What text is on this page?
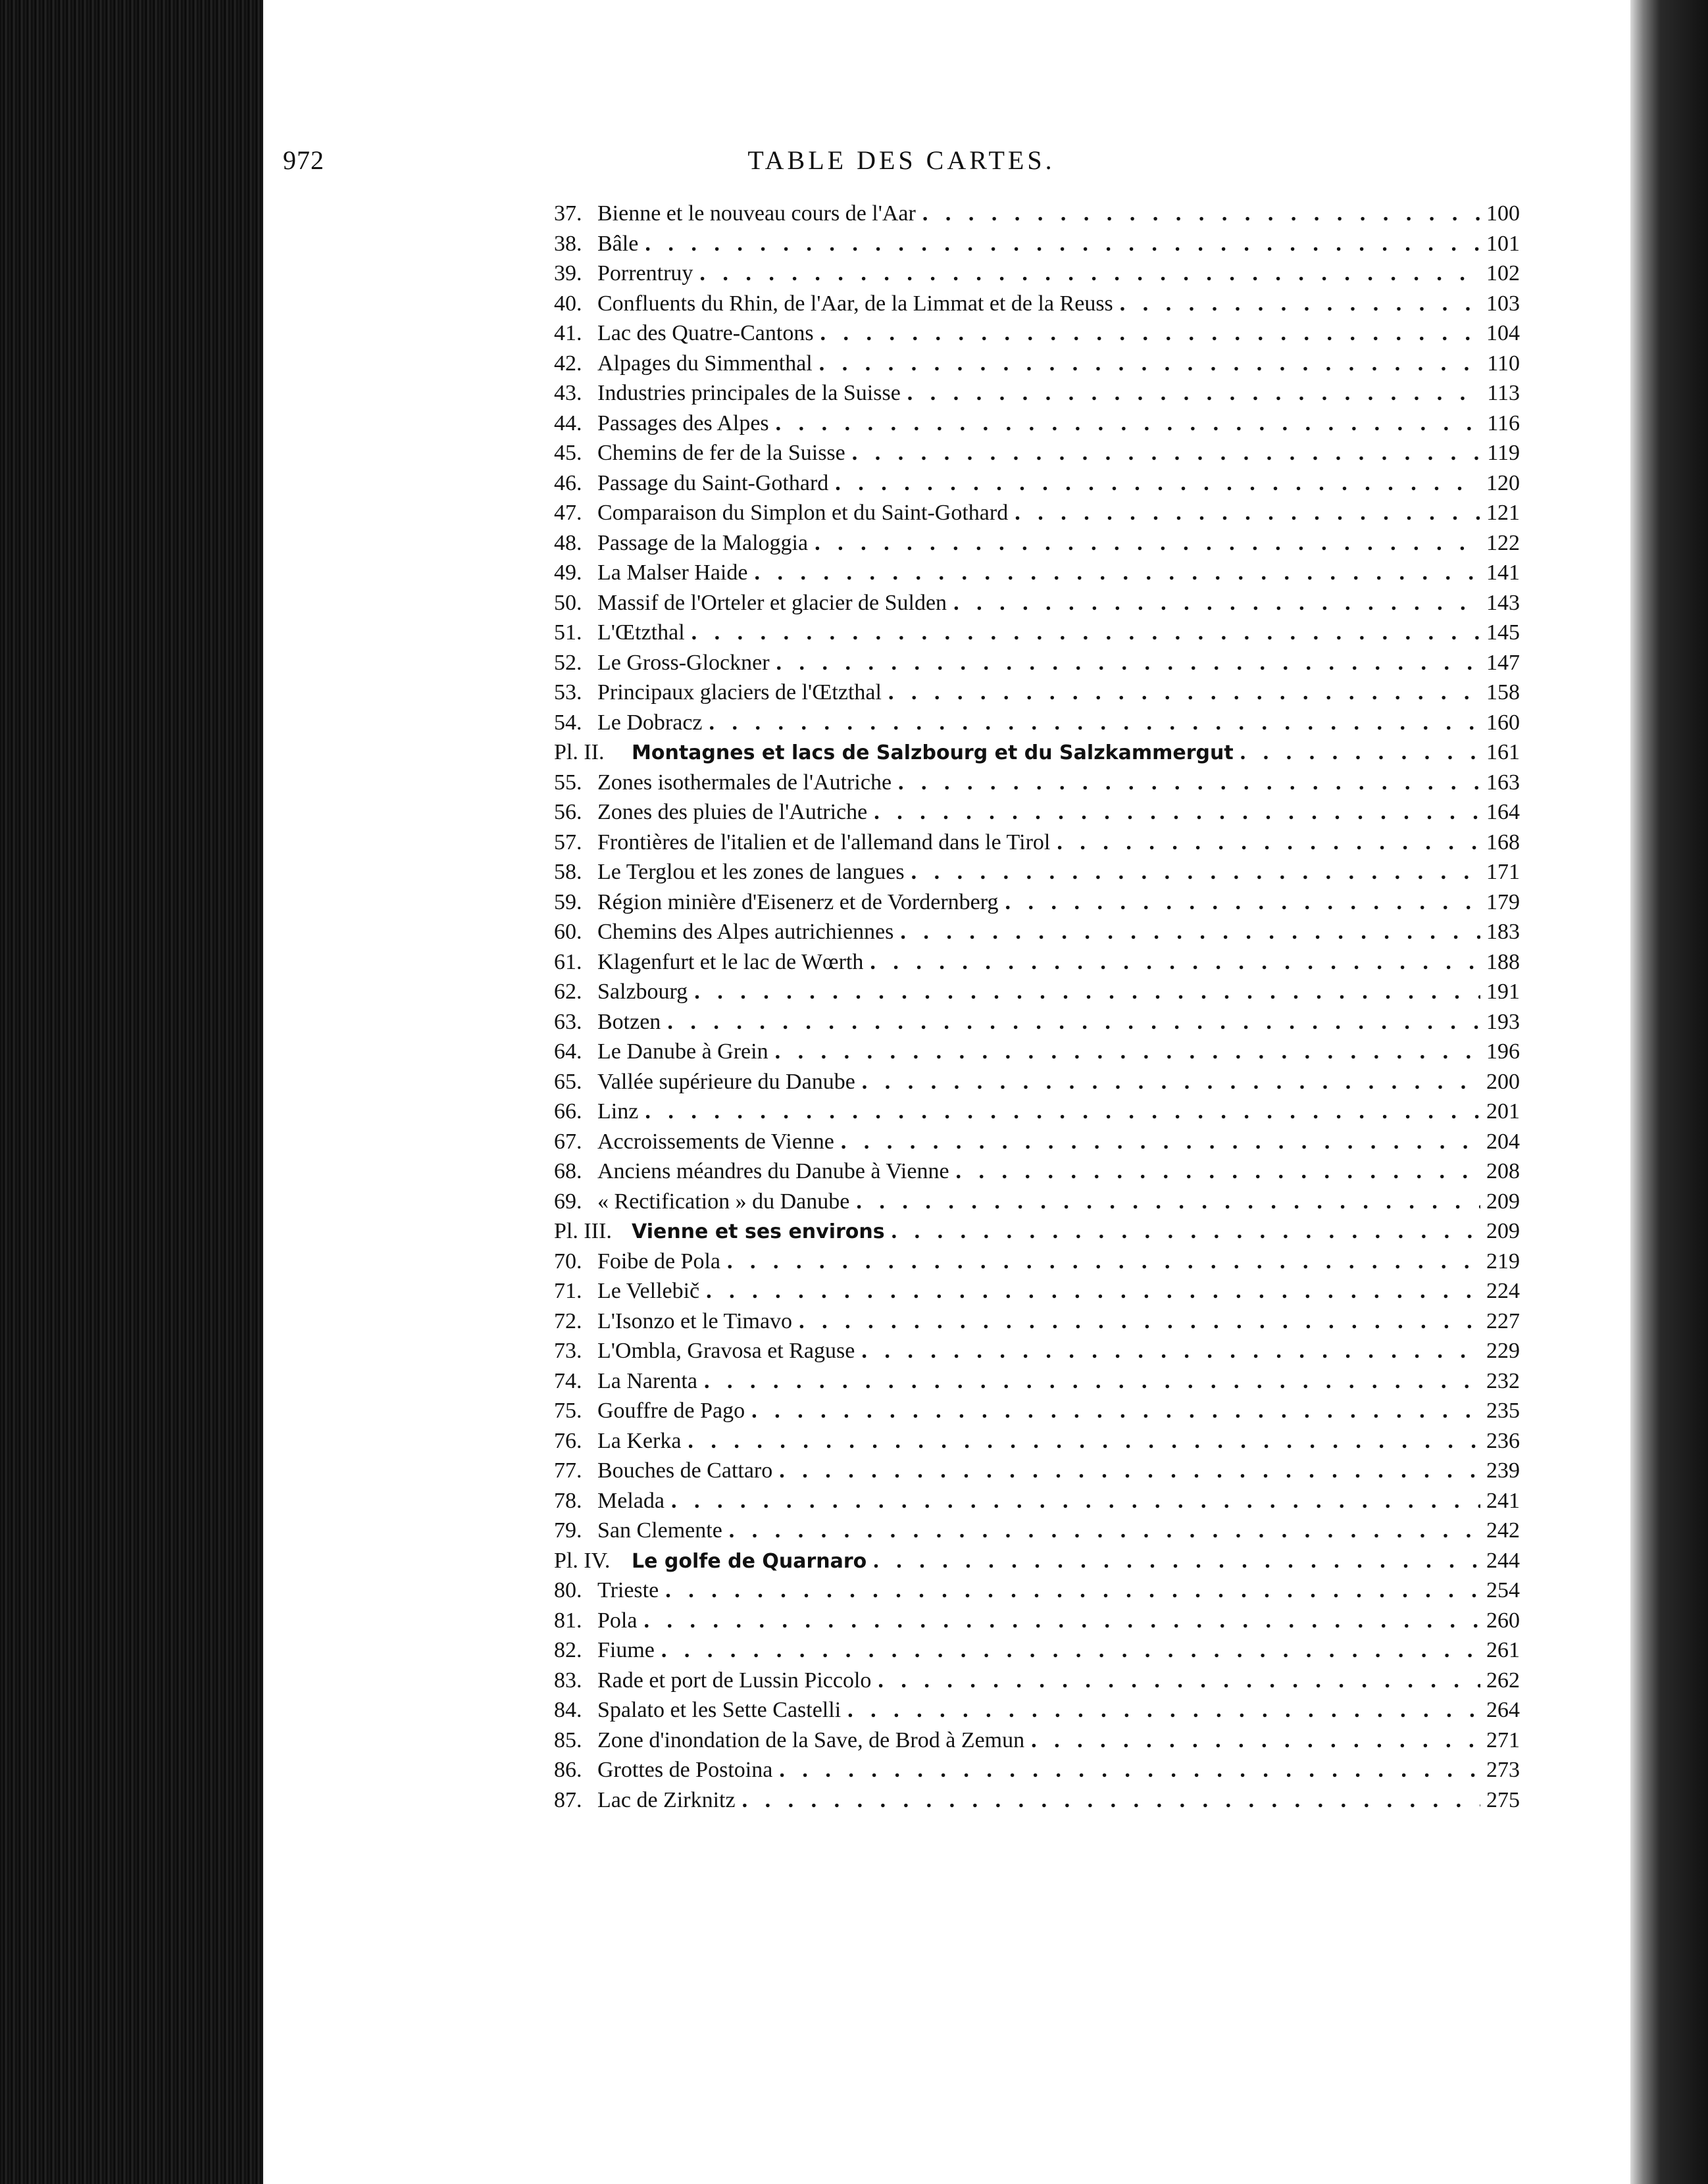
972	TABLE DES CARTES.
37. Bienne et le nouveau cours de l'Aar . . .	100
38. Bâle . . .	101
39. Porrentruy . . .	102
40. Confluents du Rhin, de l'Aar, de la Limmat et de la Reuss . . .	103
41. Lac des Quatre-Cantons . . .	104
42. Alpages du Simmenthal . . .	110
43. Industries principales de la Suisse . . .	113
44. Passages des Alpes . . .	116
45. Chemins de fer de la Suisse . . .	119
46. Passage du Saint-Gothard . . .	120
47. Comparaison du Simplon et du Saint-Gothard . . .	121
48. Passage de la Maloggia . . .	122
49. La Malser Haide . . .	141
50. Massif de l'Orteler et glacier de Sulden . . .	143
51. L'Œtzthal . . .	145
52. Le Gross-Glockner . . .	147
53. Principaux glaciers de l'Œtzthal . . .	158
54. Le Dobracz . . .	160
Pl. II.	Montagnes et lacs de Salzbourg et du Salzkammergut . . .	161
55. Zones isothermales de l'Autriche . . .	163
56. Zones des pluies de l'Autriche . . .	164
57. Frontières de l'italien et de l'allemand dans le Tirol . . .	168
58. Le Terglou et les zones de langues . . .	171
59. Région minière d'Eisenerz et de Vordernberg . . .	179
60. Chemins des Alpes autrichiennes . . .	183
61. Klagenfurt et le lac de Wœrth . . .	188
62. Salzbourg . . .	191
63. Botzen . . .	193
64. Le Danube à Grein . . .	196
65. Vallée supérieure du Danube . . .	200
66. Linz . . .	201
67. Accroissements de Vienne . . .	204
68. Anciens méandres du Danube à Vienne . . .	208
69. « Rectification » du Danube . . .	209
Pl. III.	Vienne et ses environs . . .	209
70. Foibe de Pola . . .	219
71. Le Vellebič . . .	224
72. L'Isonzo et le Timavo . . .	227
73. L'Ombla, Gravosa et Raguse . . .	229
74. La Narenta . . .	232
75. Gouffre de Pago . . .	235
76. La Kerka . . .	236
77. Bouches de Cattaro . . .	239
78. Melada . . .	241
79. San Clemente . . .	242
Pl. IV.	Le golfe de Quarnaro . . .	244
80. Trieste . . .	254
81. Pola . . .	260
82. Fiume . . .	261
83. Rade et port de Lussin Piccolo . . .	262
84. Spalato et les Sette Castelli . . .	264
85. Zone d'inondation de la Save, de Brod à Zemun . . .	271
86. Grottes de Postoina . . .	273
87. Lac de Zirknitz . . .	275
